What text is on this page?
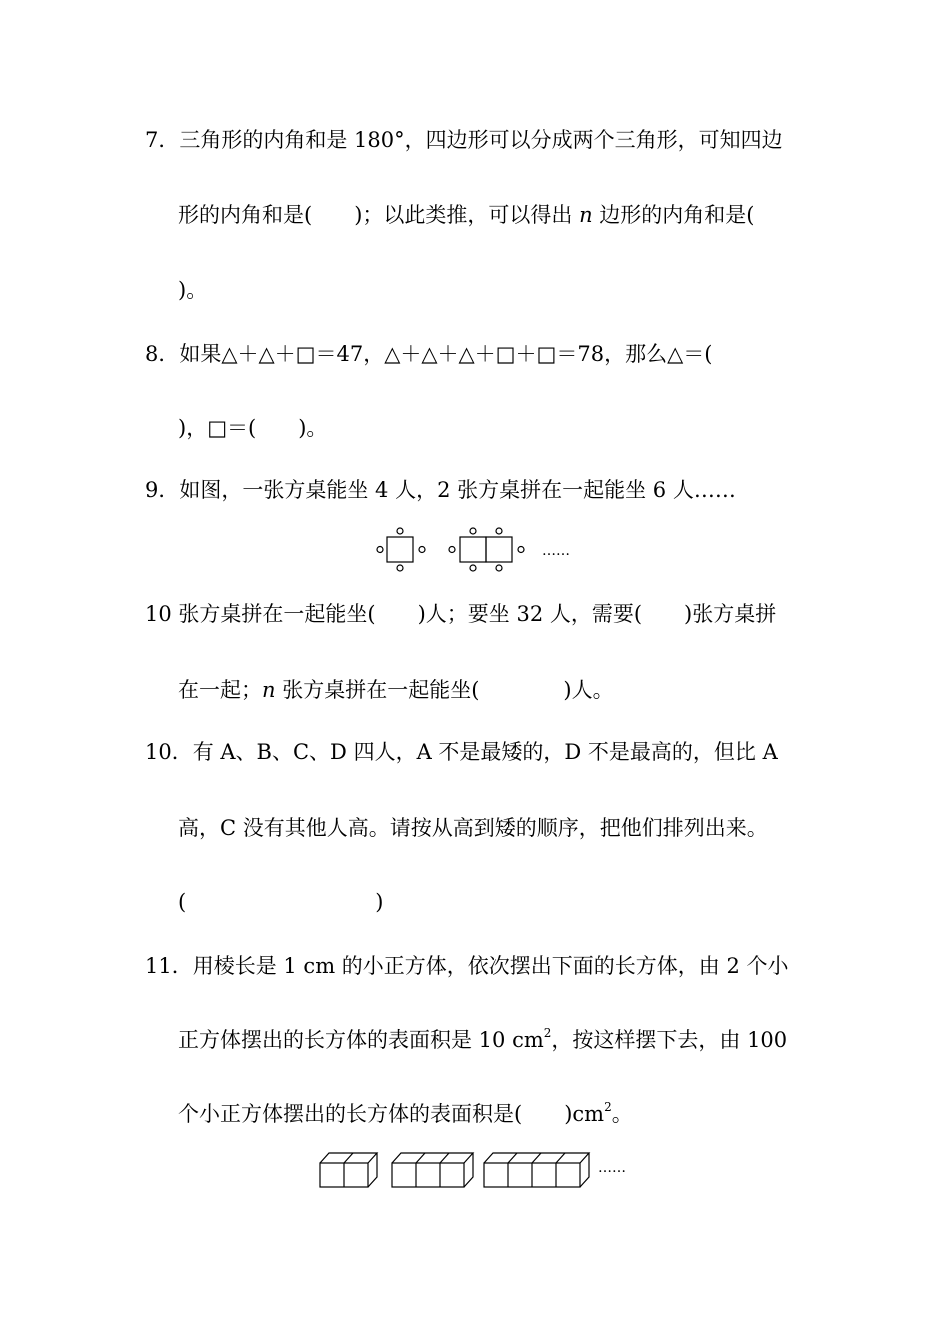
7．三角形的内角和是 180°，四边形可以分成两个三角形，可知四边
形的内角和是(　　)；以此类推，可以得出 n 边形的内角和是(
)。
8．如果△＋△＋□＝47，△＋△＋△＋□＋□＝78，那么△＝(
)，□＝(　　)。
9．如图，一张方桌能坐 4 人，2 张方桌拼在一起能坐 6 人……
……
10 张方桌拼在一起能坐(　　)人；要坐 32 人，需要(　　)张方桌拼
在一起；n 张方桌拼在一起能坐(　　　　)人。
10．有 A、B、C、D 四人，A 不是最矮的，D 不是最高的，但比 A
高，C 没有其他人高。请按从高到矮的顺序，把他们排列出来。
(　　　　　　　　　)
11．用棱长是 1 cm 的小正方体，依次摆出下面的长方体，由 2 个小
正方体摆出的长方体的表面积是 10 $cm^2$，按这样摆下去，由 100
个小正方体摆出的长方体的表面积是(　　)$cm^2$。
……
